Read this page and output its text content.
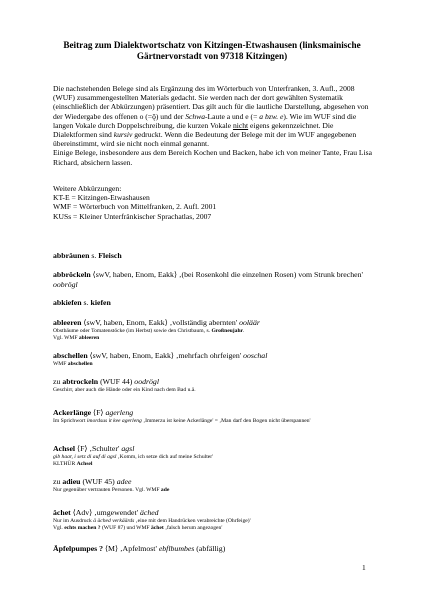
Beitrag zum Dialektwortschatz von Kitzingen-Etwashausen (linksmainische
Gärtnervorstadt von 97318 Kitzingen)
Die nachstehenden Belege sind als Ergänzung des im Wörterbuch von Unterfranken, 3. Aufl., 2008 (WUF) zusammengestellten Materials gedacht. Sie werden nach der dort gewählten Systematik (einschließlich der Abkürzungen) präsentiert. Das gilt auch für die lautliche Darstellung, abgesehen von der Wiedergabe des offenen o (=ǭ) und der Schwa-Laute a und e (= a bzw. e). Wie im WUF sind die langen Vokale durch Doppelschreibung, die kurzen Vokale nicht eigens gekennzeichnet. Die Dialektformen sind kursiv gedruckt. Wenn die Bedeutung der Belege mit der im WUF angegebenen übereinstimmt, wird sie nicht noch einmal genannt.
Einige Belege, insbesondere aus dem Bereich Kochen und Backen, habe ich von meiner Tante, Frau Lisa Richard, absichern lassen.
Weitere Abkürzungen:
KT-E = Kitzingen-Etwashausen
WMF = Wörterbuch von Mittelfranken, 2. Aufl. 2001
KUSs = Kleiner Unterfränkischer Sprachatlas, 2007
abbräunen s. Fleisch
abbröckeln ⟨swV, haben, Enom, Eakk⟩ ‚(bei Rosenkohl die einzelnen Rosen) vom Strunk brechen' oobrögl
abkiefen s. kiefen
ableeren ⟨swV, haben, Enom, Eakk⟩ ‚vollständig abernten' ooläär
Obstbäume oder Tomatenstöcke (im Herbst) sowie den Christbaum, s. Großneujahr.
Vgl. WMF ableeren
abschellen ⟨swV, haben, Enom, Eakk⟩ ‚mehrfach ohrfeigen' ooschal
WMF abschellen
zu abtrockeln (WUF 44) oodrögl
Geschirr, aber auch die Hände oder ein Kind nach dem Bad u.ä.
Ackerlänge ⟨F⟩ agerleng
Im Sprichwort imordsus it kee agerleng ‚Immerzu ist keine Ackerlänge' = ‚Man darf den Bogen nicht überspannen'
Achsel ⟨F⟩ ‚Schulter' agsl
gib haar, i setz di auf di agsl ‚Komm, ich setze dich auf meine Schulter'
KLTHÜR Achsel
zu adieu (WUF 45) adee
Nur gegenüber vertrauten Personen. Vgl. WMF ade
ächet ⟨Adv⟩ ‚umgewendet' äched
Nur im Ausdruck ä äched verkäärds ‚eine mit dem Handrücken verabreichte (Ohrfeige)'
Vgl. echts machen ? (WUF 87) und WMF ächet ‚falsch herum angezogen'
Äpfelpumpes ? ⟨M⟩ ‚Apfelmost' ebflbumbes (abfällig)
1
